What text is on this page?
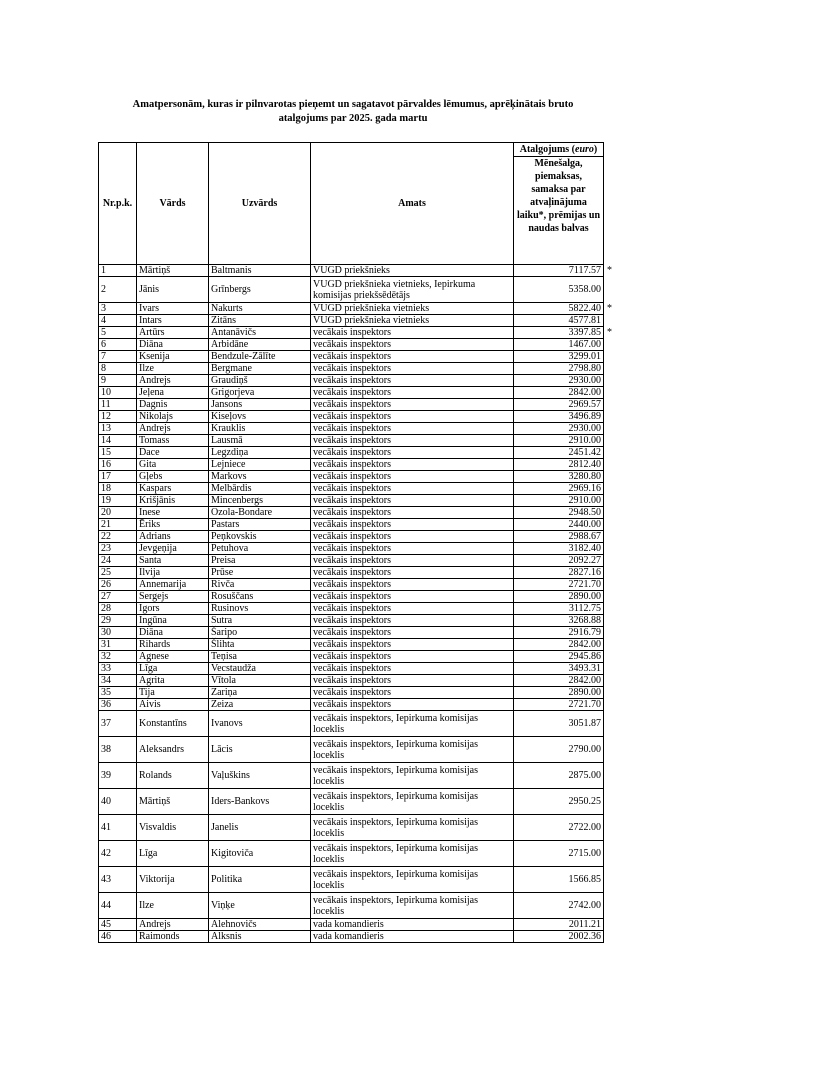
Amatpersonām, kuras ir pilnvarotas pieņemt un sagatavot pārvaldes lēmumus, aprēķinātais bruto
atalgojums par 2025. gada martu
Nr.p.k.	Vārds	Uzvārds	Amats	Atalgojums (euro)
				Mēnešalga, piemaksas, samaksa par atvaļinājuma laiku*, prēmijas un naudas balvas
1	Mārtiņš	Baltmanis	VUGD priekšnieks	7117.57 *

2	Jānis	Grīnbergs	VUGD priekšnieka vietnieks, Iepirkuma komisijas priekšsēdētājs	5358.00
3	Ivars	Nakurts	VUGD priekšnieka vietnieks	5822.40 *

4	Intars	Zitāns	VUGD priekšnieka vietnieks	4577.81
5	Artūrs	Antanāvičs	vecākais inspektors	3397.85 *

6	Diāna	Arbidāne	vecākais inspektors	1467.00
7	Ksenija	Bendzule-Zālīte	vecākais inspektors	3299.01
8	Ilze	Bergmane	vecākais inspektors	2798.80
9	Andrejs	Graudiņš	vecākais inspektors	2930.00
10	Jeļena	Grigorjeva	vecākais inspektors	2842.00
11	Dagnis	Jansons	vecākais inspektors	2969.57
12	Nikolajs	Kiseļovs	vecākais inspektors	3496.89
13	Andrejs	Krauklis	vecākais inspektors	2930.00
14	Tomass	Lausmā	vecākais inspektors	2910.00
15	Dace	Legzdiņa	vecākais inspektors	2451.42
16	Gita	Lejniece	vecākais inspektors	2812.40
17	Gļebs	Markovs	vecākais inspektors	3280.80
18	Kaspars	Melbārdis	vecākais inspektors	2969.16
19	Krišjānis	Mincenbergs	vecākais inspektors	2910.00
20	Inese	Ozola-Bondare	vecākais inspektors	2948.50
21	Ēriks	Pastars	vecākais inspektors	2440.00
22	Adrians	Peņkovskis	vecākais inspektors	2988.67
23	Jevgeņija	Petuhova	vecākais inspektors	3182.40
24	Santa	Preisa	vecākais inspektors	2092.27
25	Ilvija	Prūse	vecākais inspektors	2827.16
26	Annemarija	Rivča	vecākais inspektors	2721.70
27	Sergejs	Rosuščans	vecākais inspektors	2890.00
28	Igors	Rusinovs	vecākais inspektors	3112.75
29	Ingūna	Sutra	vecākais inspektors	3268.88
30	Diāna	Šaripo	vecākais inspektors	2916.79
31	Rihards	Šlihta	vecākais inspektors	2842.00
32	Agnese	Teņisa	vecākais inspektors	2945.86
33	Līga	Vecstaudža	vecākais inspektors	3493.31
34	Agrita	Vītola	vecākais inspektors	2842.00
35	Tija	Zariņa	vecākais inspektors	2890.00
36	Aivis	Zeiza	vecākais inspektors	2721.70
37	Konstantīns	Ivanovs	vecākais inspektors, Iepirkuma komisijas loceklis	3051.87
38	Aleksandrs	Lācis	vecākais inspektors, Iepirkuma komisijas loceklis	2790.00
39	Rolands	Vaļuškins	vecākais inspektors, Iepirkuma komisijas loceklis	2875.00
40	Mārtiņš	Iders-Bankovs	vecākais inspektors, Iepirkuma komisijas loceklis	2950.25
41	Visvaldis	Janelis	vecākais inspektors, Iepirkuma komisijas loceklis	2722.00
42	Līga	Kigitoviča	vecākais inspektors, Iepirkuma komisijas loceklis	2715.00
43	Viktorija	Politika	vecākais inspektors, Iepirkuma komisijas loceklis	1566.85
44	Ilze	Viņķe	vecākais inspektors, Iepirkuma komisijas loceklis	2742.00
45	Andrejs	Alehnovičs	vada komandieris	2011.21
46	Raimonds	Alksnis	vada komandieris	2002.36
